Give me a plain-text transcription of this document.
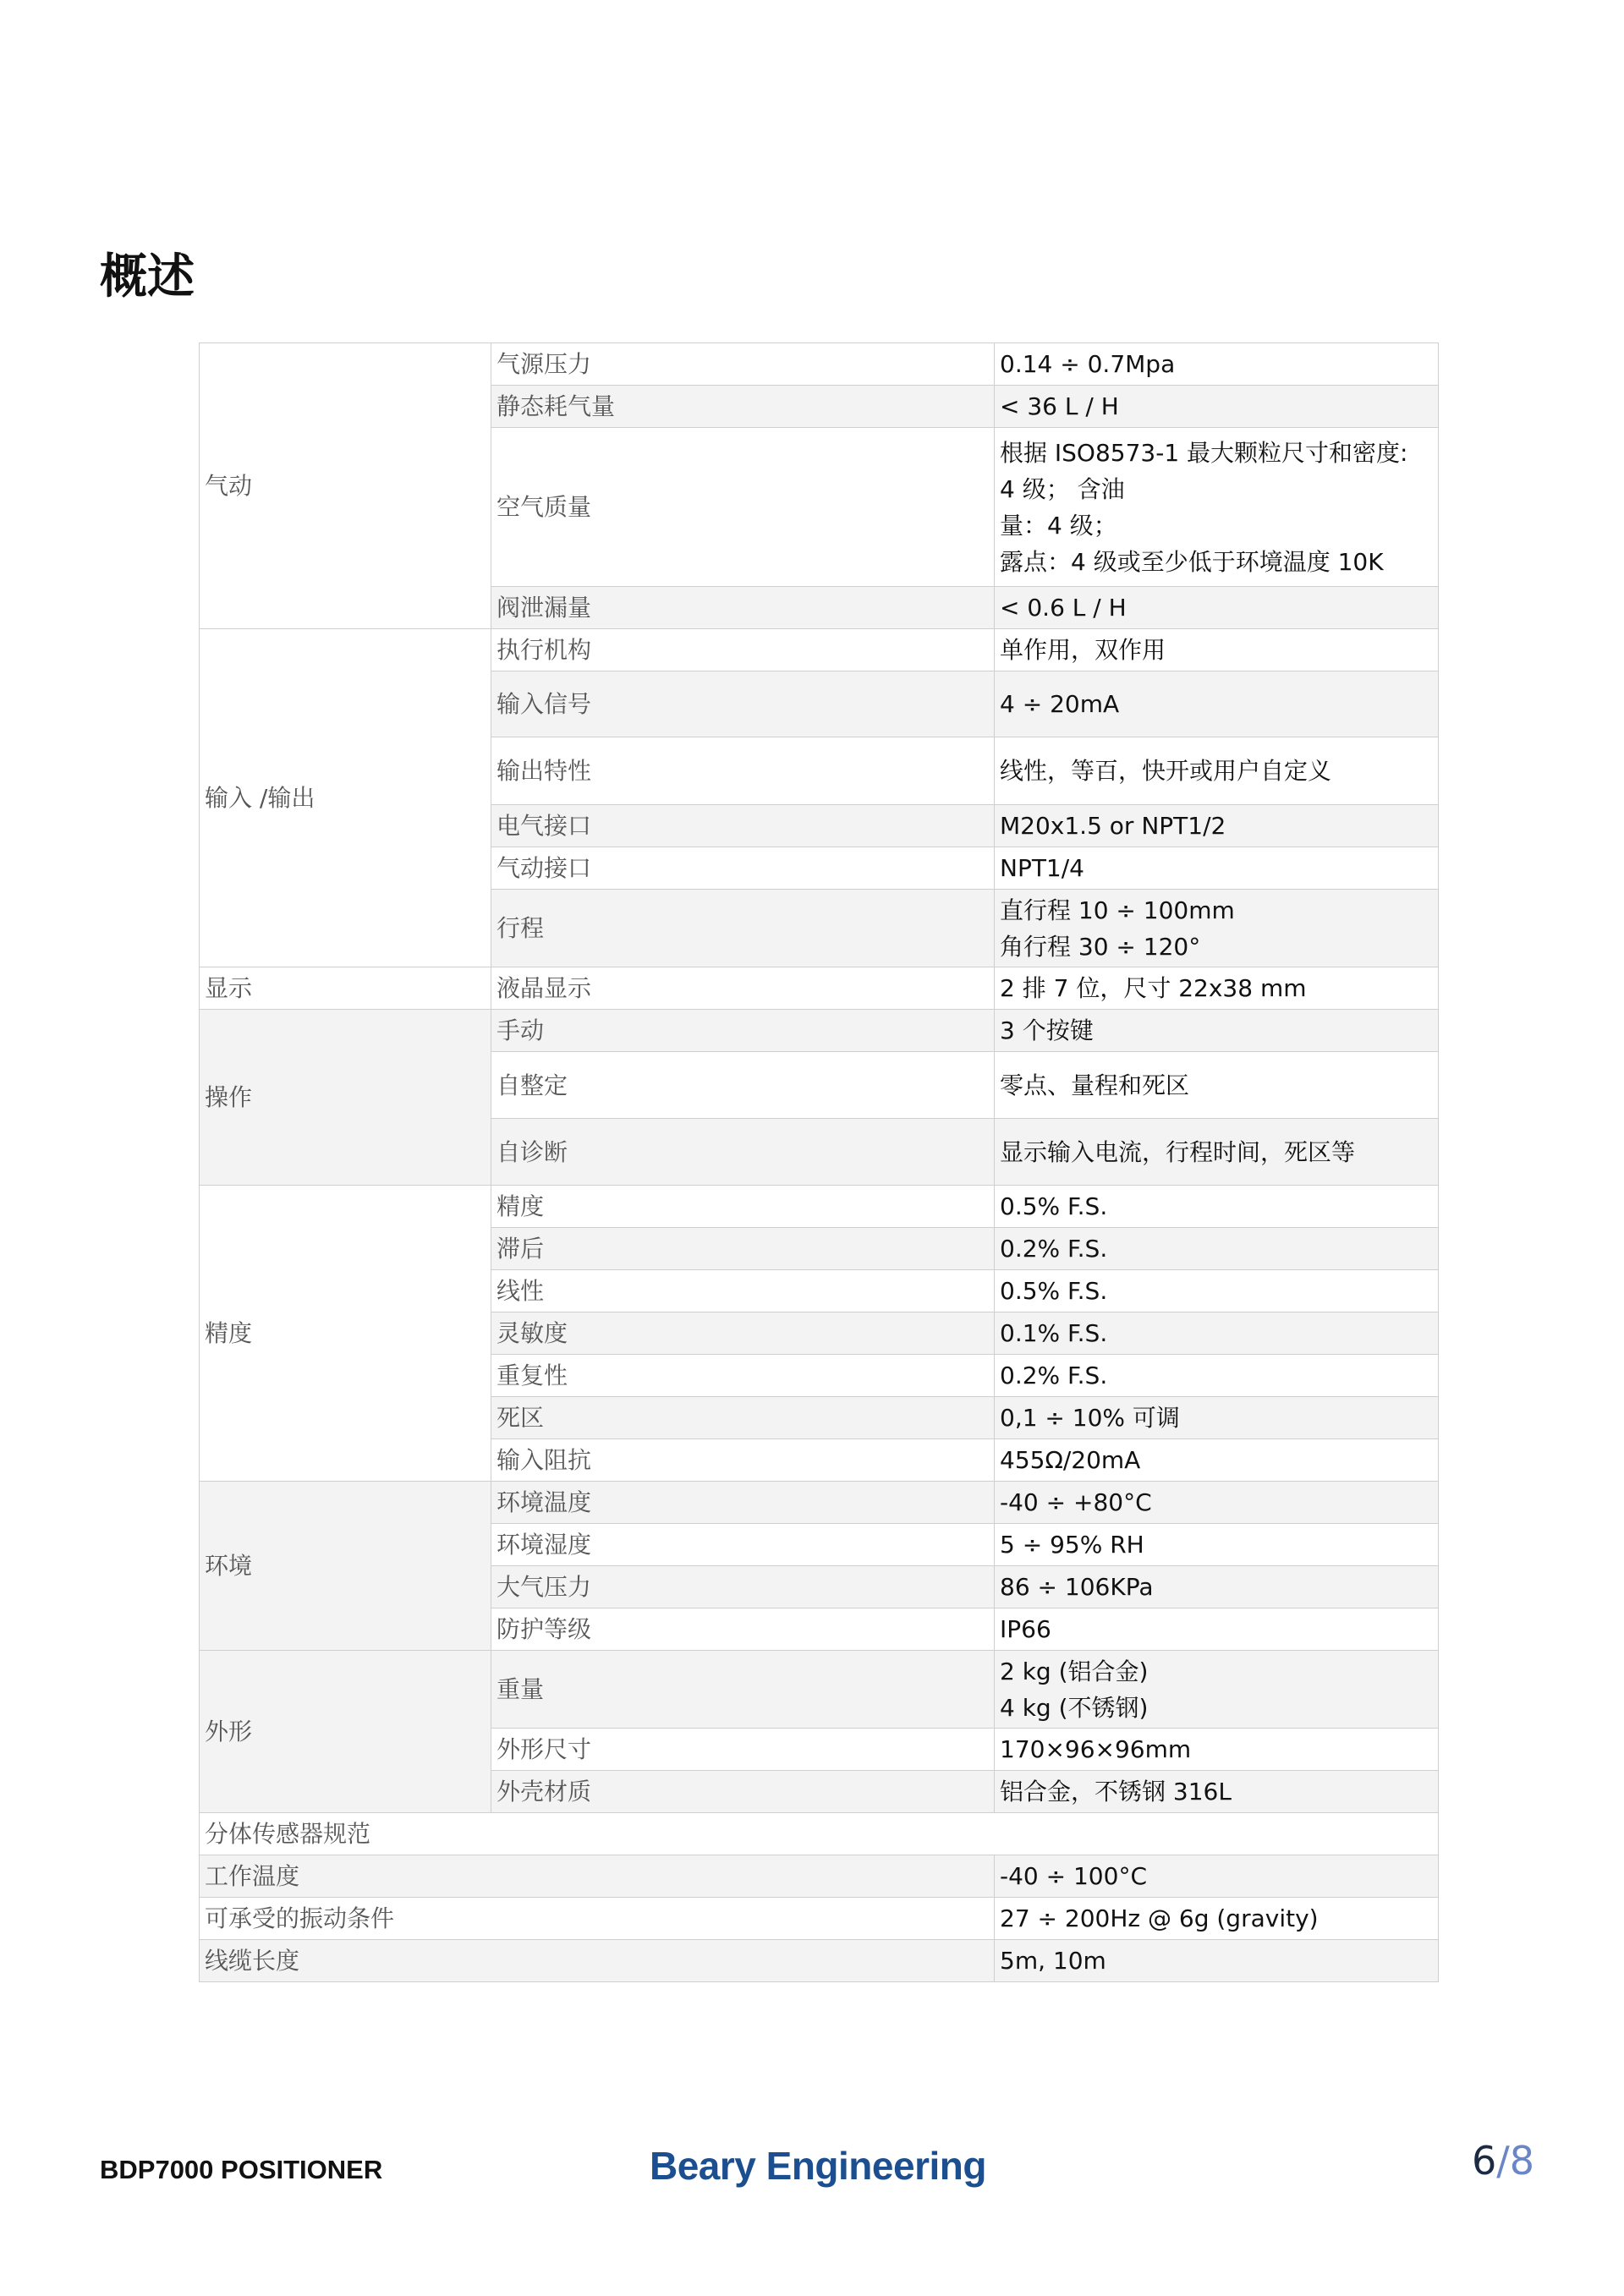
概述
气动	气源压力	0.14 ÷ 0.7Mpa

	静态耗气量	< 36 L / H

	空气质量	根据 ISO8573-1 最大颗粒尺寸和密度:
4 级； 含油
量：4 级；
露点：4 级或至少低于环境温度 10K

	阀泄漏量	< 0.6 L / H

输入 /输出	执行机构	单作用，双作用

	输入信号	4 ÷ 20mA

	输出特性	线性，等百，快开或用户自定义

	电气接口	M20x1.5 or NPT1/2

	气动接口	NPT1/4

	行程	直行程 10 ÷ 100mm
角行程 30 ÷ 120°

显示	液晶显示	2 排 7 位，尺寸 22x38 mm

操作	手动	3 个按键

	自整定	零点、量程和死区

	自诊断	显示输入电流，行程时间，死区等

精度	精度	0.5% F.S.

	滞后	0.2% F.S.

	线性	0.5% F.S.

	灵敏度	0.1% F.S.

	重复性	0.2% F.S.

	死区	0,1 ÷ 10% 可调

	输入阻抗	455Ω/20mA

环境	环境温度	-40 ÷ +80°C

	环境湿度	5 ÷ 95% RH

	大气压力	86 ÷ 106KPa

	防护等级	IP66

外形	重量	2 kg (铝合金)
4 kg (不锈钢)

	外形尺寸	170×96×96mm

	外壳材质	铝合金，不锈钢 316L

分体传感器规范		
工作温度		-40 ÷ 100°C
可承受的振动条件		27 ÷ 200Hz @ 6g (gravity)
线缆长度		5m, 10m
BDP7000 POSITIONER	Beary Engineering	6/8
